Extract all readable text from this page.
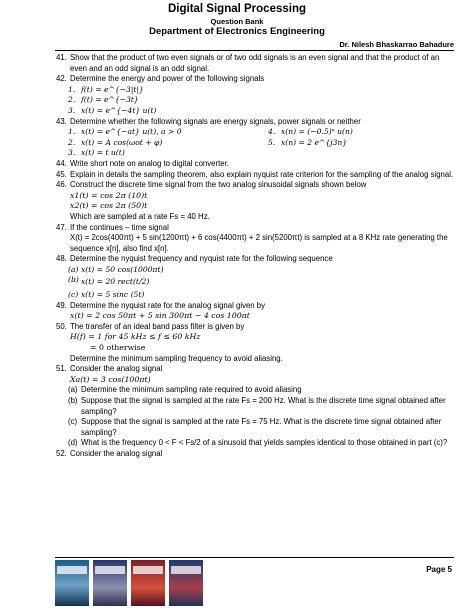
Digital Signal Processing
Question Bank
Department of Electronics Engineering
Dr. Nilesh Bhaskarrao Bahadure
41. Show that the product of two even signals or of two odd signals is an even signal and that the product of an even and an odd signal is an odd signal.
42. Determine the energy and power of the following signals
1. f(t) = e^{−3|t|}
2. f(t) = e^{−3t}
3. x(t) = e^{−4t} u(t)
43. Determine whether the following signals are energy signals, power signals or neither
1. x(t) = e^{−at} u(t), a > 0	4. x(n) = (−0.5)ⁿ u(n)
2. x(t) = A cos(ωot + φ)	5. x(n) = 2 e^{j3n}
3. x(t) = t u(t)
44. Write short note on analog to digital converter.
45. Explain in details the sampling theorem, also explain nyquist rate criterion for the sampling of the analog signal.
46. Construct the discrete time signal from the two analog sinusoidal signals shown below
x1(t) = cos 2π (10)t
x2(t) = cos 2π (50)t
Which are sampled at a rate Fs = 40 Hz.
47. If the continues – time signal
X(t) = 2cos(400πt) + 5 sin(1200πt) + 6 cos(4400πt) + 2 sin(5200πt) is sampled at a 8 KHz rate generating the sequence x[n], also find x[n].
48. Determine the nyquist frequency and nyquist rate for the following sequence
(a) x(t) = 50 cos(1000πt)
(b) x(t) = 20 rect(t/2)
(c) x(t) = 5 sinc (5t)
49. Determine the nyquist rate for the analog signal given by
x(t) = 2 cos 50πt + 5 sin 300πt − 4 cos 100πt
50. The transfer of an ideal band pass filter is given by
H(f) = 1 for 45 kHz ≤ f ≤ 60 kHz
= 0 otherwise
Determine the minimum sampling frequency to avoid aliasing.
51. Consider the analog signal
Xa(t) = 3 cos(100πt)
(a) Determine the minimum sampling rate required to avoid aliasing
(b) Suppose that the signal is sampled at the rate Fs = 200 Hz. What is the discrete time signal obtained after sampling?
(c) Suppose that the signal is sampled at the rate Fs = 75 Hz. What is the discrete time signal obtained after sampling?
(d) What is the frequency 0 < F < Fs/2 of a sinusoid that yields samples identical to those obtained in part (c)?
52. Consider the analog signal
Page 5
